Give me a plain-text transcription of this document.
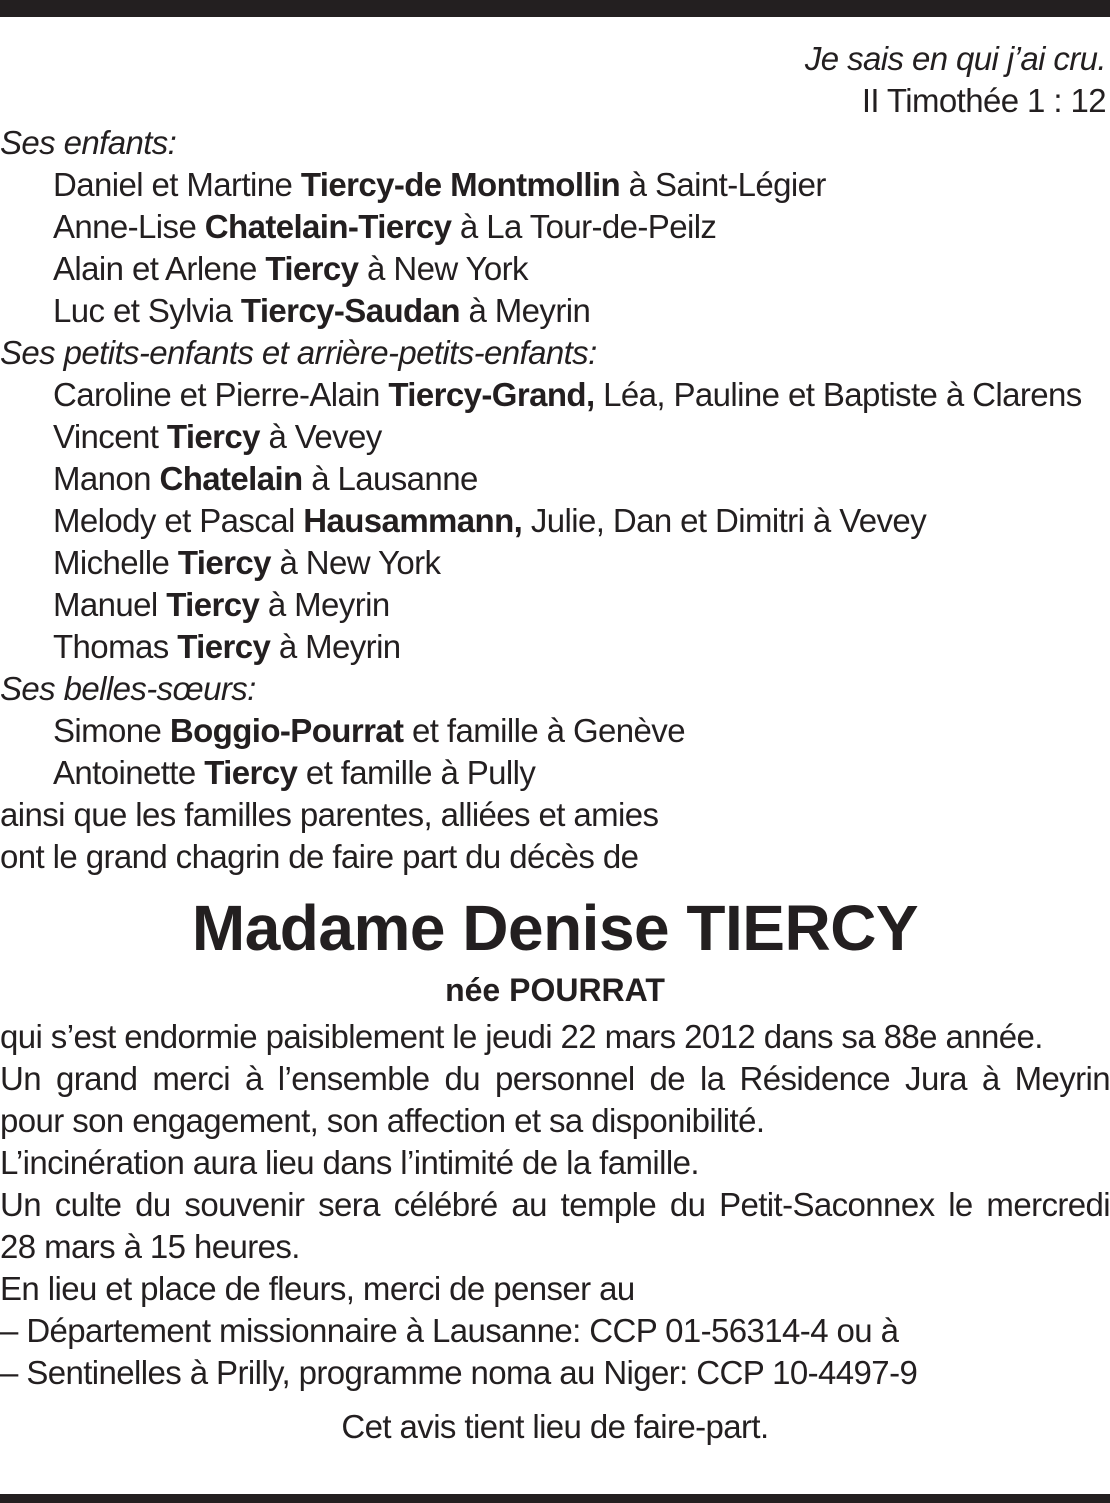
Je sais en qui j’ai cru.
II Timothée 1 : 12
Ses enfants:
Daniel et Martine Tiercy-de Montmollin à Saint-Légier
Anne-Lise Chatelain-Tiercy à La Tour-de-Peilz
Alain et Arlene Tiercy à New York
Luc et Sylvia Tiercy-Saudan à Meyrin
Ses petits-enfants et arrière-petits-enfants:
Caroline et Pierre-Alain Tiercy-Grand, Léa, Pauline et Baptiste à Clarens
Vincent Tiercy à Vevey
Manon Chatelain à Lausanne
Melody et Pascal Hausammann, Julie, Dan et Dimitri à Vevey
Michelle Tiercy à New York
Manuel Tiercy à Meyrin
Thomas Tiercy à Meyrin
Ses belles-sœurs:
Simone Boggio-Pourrat et famille à Genève
Antoinette Tiercy et famille à Pully
ainsi que les familles parentes, alliées et amies
ont le grand chagrin de faire part du décès de
Madame Denise TIERCY
née POURRAT
qui s’est endormie paisiblement le jeudi 22 mars 2012 dans sa 88e année.
Un grand merci à l’ensemble du personnel de la Résidence Jura à Meyrin
pour son engagement, son affection et sa disponibilité.
L’incinération aura lieu dans l’intimité de la famille.
Un culte du souvenir sera célébré au temple du Petit-Saconnex le mercredi
28 mars à 15 heures.
En lieu et place de fleurs, merci de penser au
– Département missionnaire à Lausanne: CCP 01-56314-4 ou à
– Sentinelles à Prilly, programme noma au Niger: CCP 10-4497-9
Cet avis tient lieu de faire-part.
